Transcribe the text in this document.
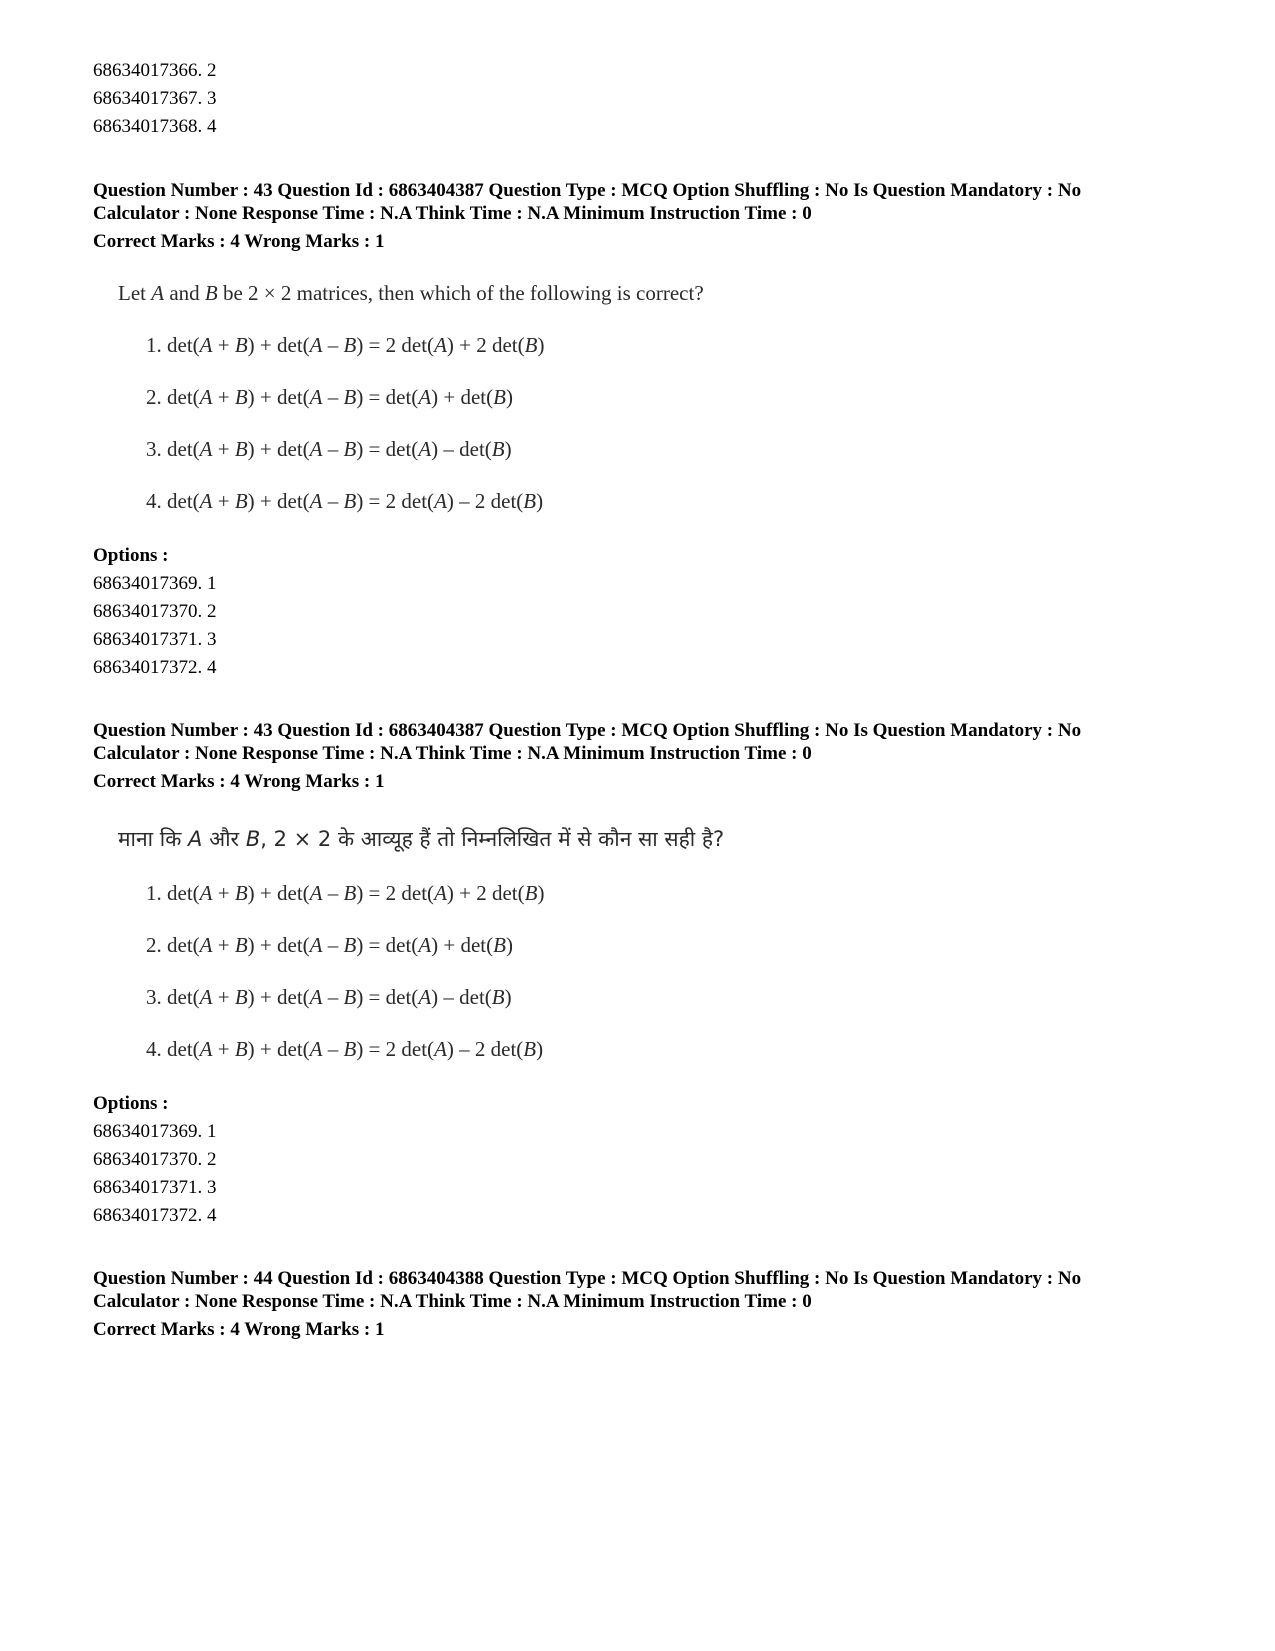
68634017366. 2
68634017367. 3
68634017368. 4
Question Number : 43 Question Id : 6863404387 Question Type : MCQ Option Shuffling : No Is Question Mandatory : No
Calculator : None Response Time : N.A Think Time : N.A Minimum Instruction Time : 0
Correct Marks : 4 Wrong Marks : 1
Let A and B be 2 × 2 matrices, then which of the following is correct?
1. det(A + B) + det(A – B) = 2 det(A) + 2 det(B)
2. det(A + B) + det(A – B) = det(A) + det(B)
3. det(A + B) + det(A – B) = det(A) – det(B)
4. det(A + B) + det(A – B) = 2 det(A) – 2 det(B)
Options :
68634017369. 1
68634017370. 2
68634017371. 3
68634017372. 4
Question Number : 43 Question Id : 6863404387 Question Type : MCQ Option Shuffling : No Is Question Mandatory : No
Calculator : None Response Time : N.A Think Time : N.A Minimum Instruction Time : 0
Correct Marks : 4 Wrong Marks : 1
माना कि A और B, 2 × 2 के आव्यूह हैं तो निम्नलिखित में से कौन सा सही है?
1. det(A + B) + det(A – B) = 2 det(A) + 2 det(B)
2. det(A + B) + det(A – B) = det(A) + det(B)
3. det(A + B) + det(A – B) = det(A) – det(B)
4. det(A + B) + det(A – B) = 2 det(A) – 2 det(B)
Options :
68634017369. 1
68634017370. 2
68634017371. 3
68634017372. 4
Question Number : 44 Question Id : 6863404388 Question Type : MCQ Option Shuffling : No Is Question Mandatory : No
Calculator : None Response Time : N.A Think Time : N.A Minimum Instruction Time : 0
Correct Marks : 4 Wrong Marks : 1
